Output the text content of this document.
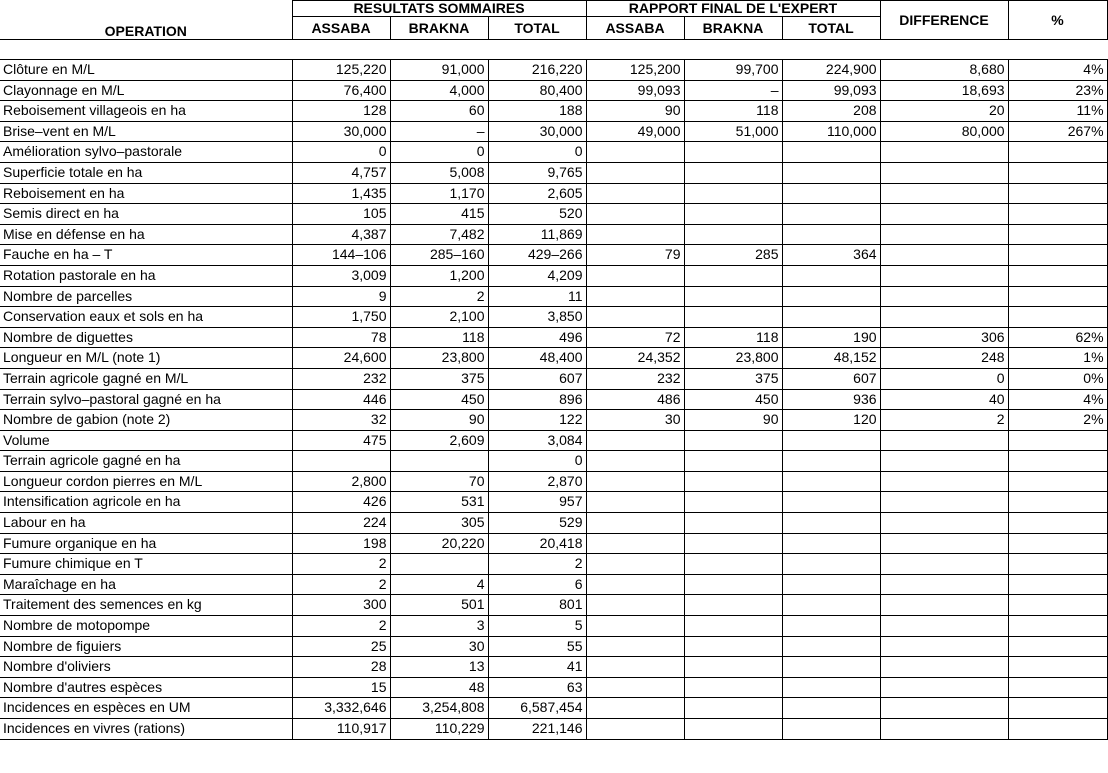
OPERATION	RESULTATS SOMMAIRES			RAPPORT FINAL DE L'EXPERT			DIFFERENCE	%
	ASSABA	BRAKNA	TOTAL	ASSABA	BRAKNA	TOTAL		

Clôture en M/L	125,220	91,000	216,220	125,200	99,700	224,900	8,680	4%
Clayonnage en M/L	76,400	4,000	80,400	99,093	–	99,093	18,693	23%
Reboisement villageois en ha	128	60	188	90	118	208	20	11%
Brise–vent en M/L	30,000	–	30,000	49,000	51,000	110,000	80,000	267%
Amélioration sylvo–pastorale	0	0	0					
Superficie totale en ha	4,757	5,008	9,765					
Reboisement en ha	1,435	1,170	2,605					
Semis direct en ha	105	415	520					
Mise en défense en ha	4,387	7,482	11,869					
Fauche en ha – T	144–106	285–160	429–266	79	285	364		
Rotation pastorale en ha	3,009	1,200	4,209					
Nombre de parcelles	9	2	11					
Conservation eaux et sols en ha	1,750	2,100	3,850					
Nombre de diguettes	78	118	496	72	118	190	306	62%
Longueur en M/L (note 1)	24,600	23,800	48,400	24,352	23,800	48,152	248	1%
Terrain agricole gagné en M/L	232	375	607	232	375	607	0	0%
Terrain sylvo–pastoral gagné en ha	446	450	896	486	450	936	40	4%
Nombre de gabion (note 2)	32	90	122	30	90	120	2	2%
Volume	475	2,609	3,084					
Terrain agricole gagné en ha			0					
Longueur cordon pierres en M/L	2,800	70	2,870					
Intensification agricole en ha	426	531	957					
Labour en ha	224	305	529					
Fumure organique en ha	198	20,220	20,418					
Fumure chimique en T	2		2					
Maraîchage en ha	2	4	6					
Traitement des semences en kg	300	501	801					
Nombre de motopompe	2	3	5					
Nombre de figuiers	25	30	55					
Nombre d'oliviers	28	13	41					
Nombre d'autres espèces	15	48	63					
Incidences en espèces en UM	3,332,646	3,254,808	6,587,454					
Incidences en vivres (rations)	110,917	110,229	221,146					
